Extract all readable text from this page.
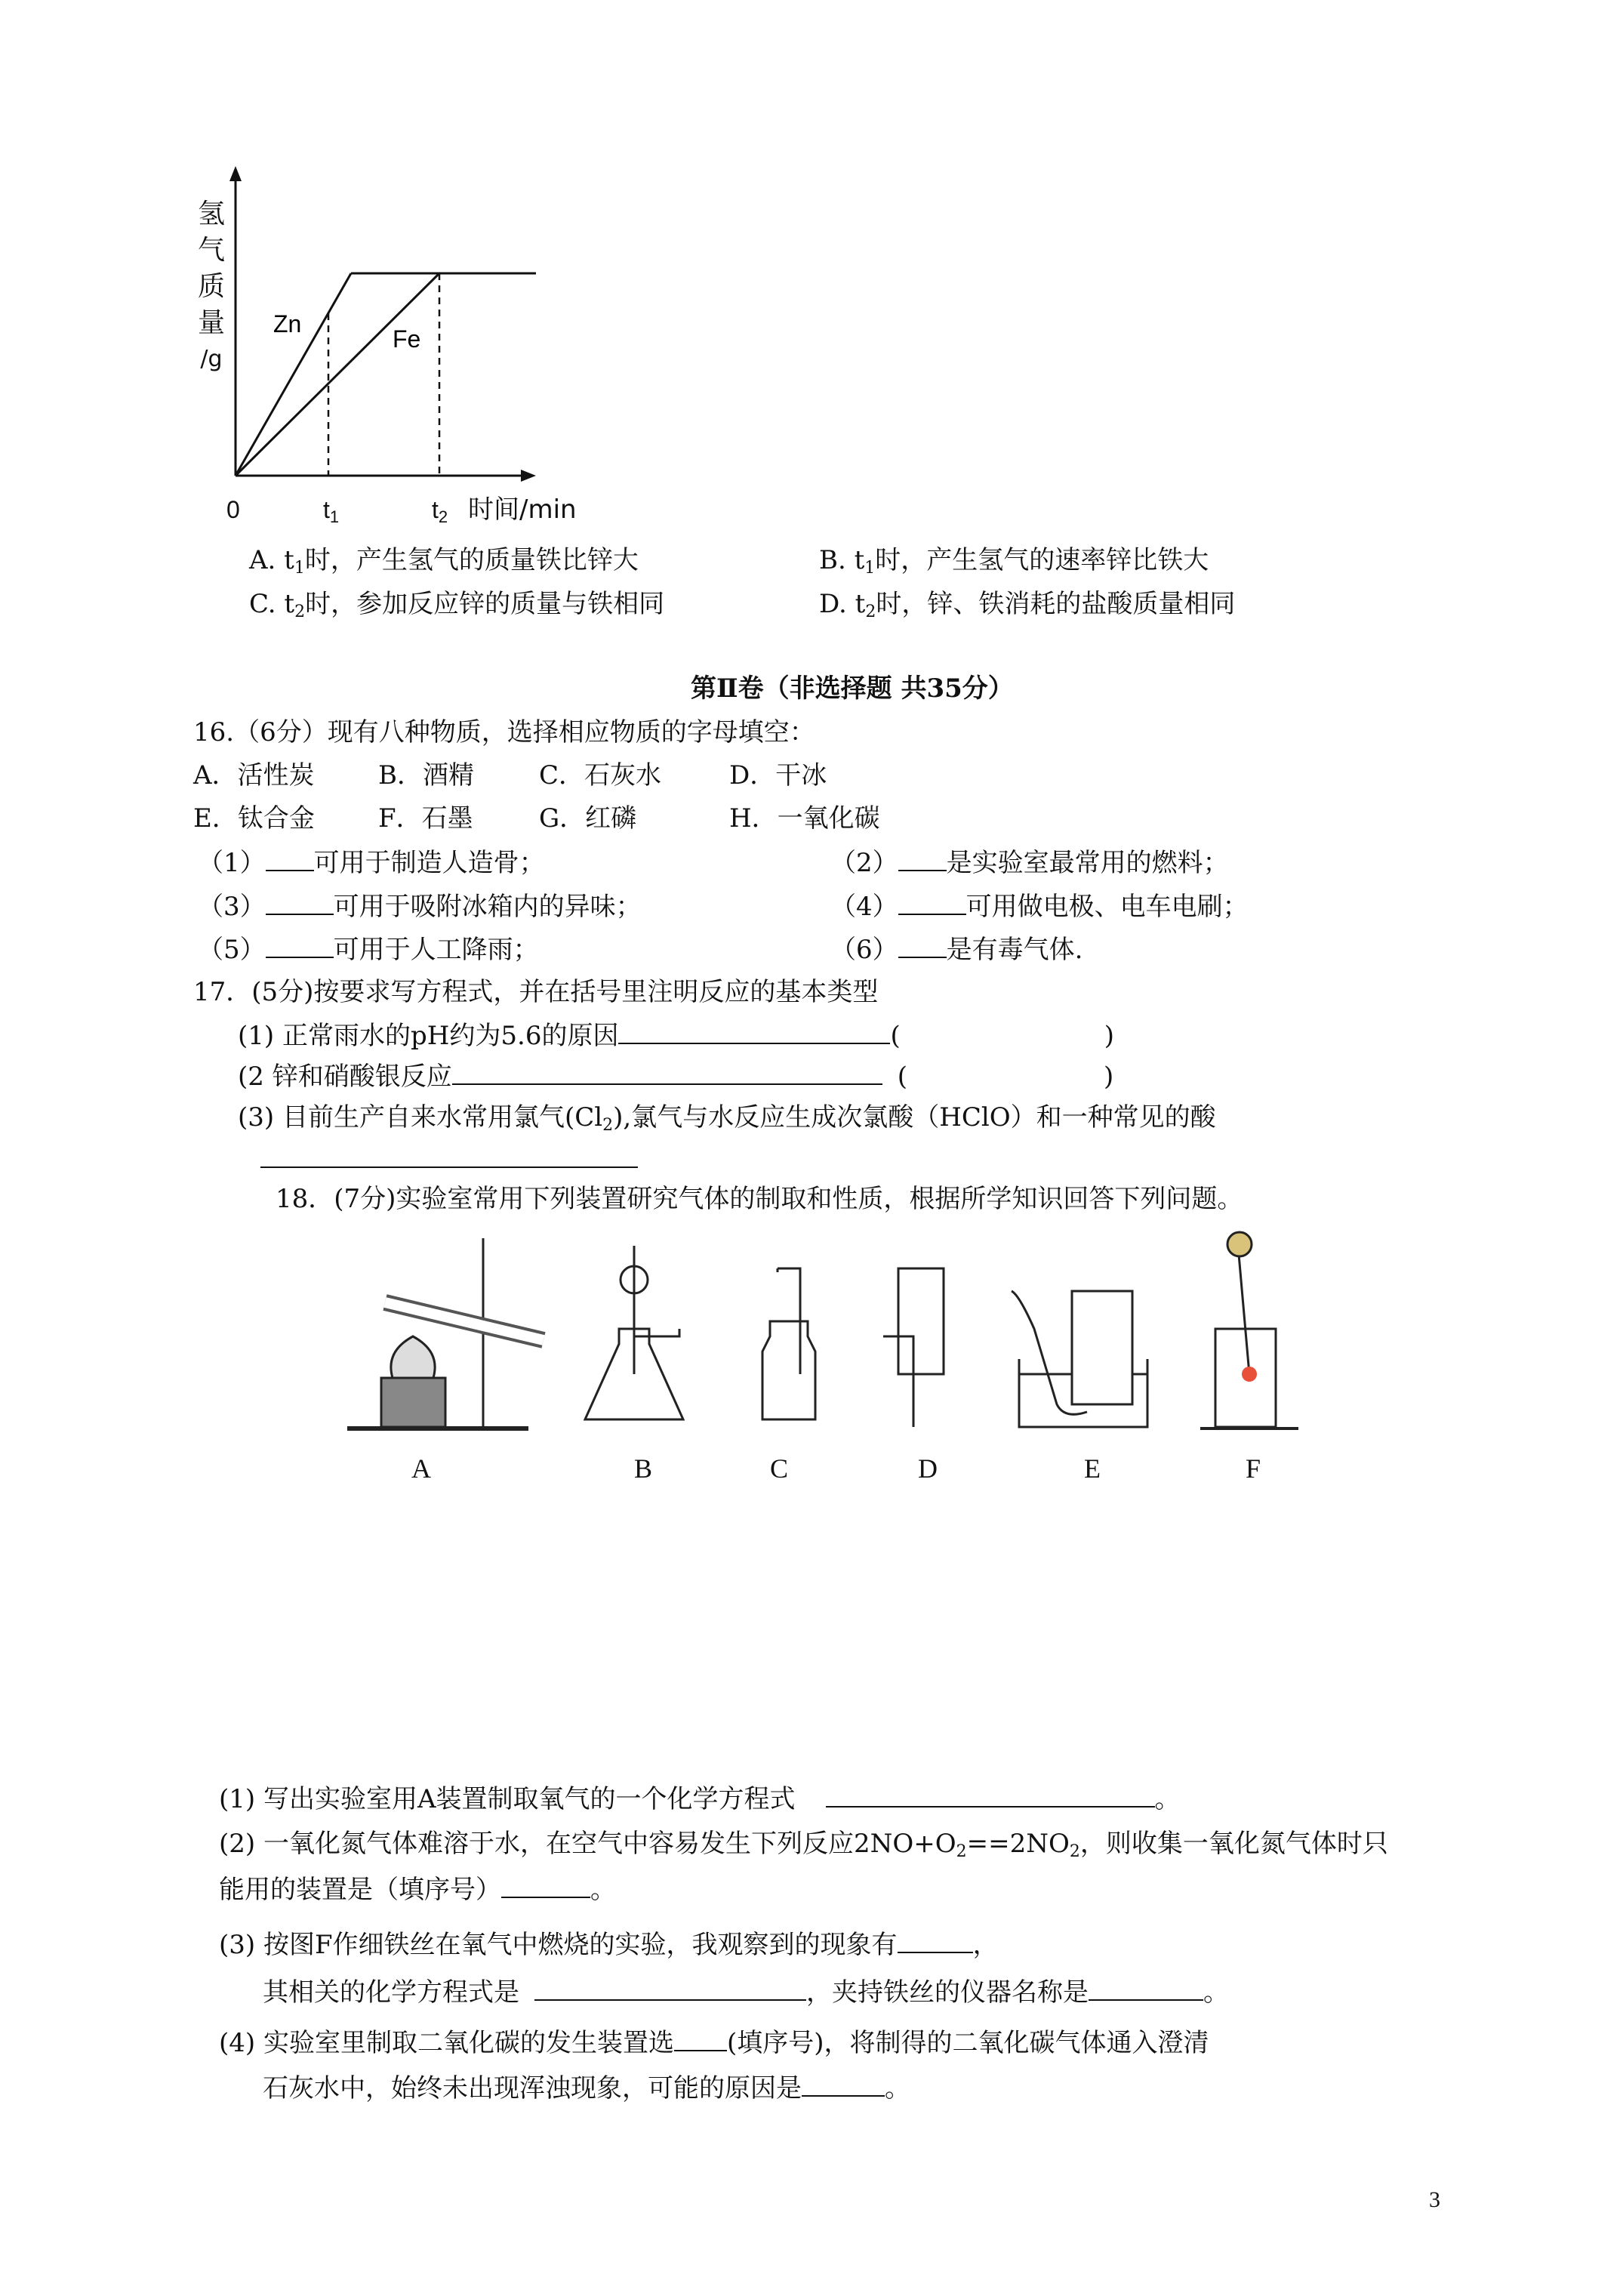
Zn
Fe
氢
气
质
量
/g
0	$t_1$	$t_2$ 时间/min
A. $t_1$时，产生氢气的质量铁比锌大	B. $t_1$时，产生氢气的速率锌比铁大
C. $t_2$时，参加反应锌的质量与铁相同	D. $t_2$时，锌、铁消耗的盐酸质量相同
第Ⅱ卷（非选择题 共35分）
16.（6分）现有八种物质，选择相应物质的字母填空：
A．活性炭 B．酒精	C．石灰水	D．干冰
E．钛合金 F．石墨	G．红磷	H．一氧化碳
（1） 可用于制造人造骨；	（2） 是实验室最常用的燃料；
（3）	可用于吸附冰箱内的异味；	（4）	可用做电极、电车电刷；
（5）	可用于人工降雨；	（6） 是有毒气体.
17．(5分)按要求写方程式，并在括号里注明反应的基本类型
(1) 正常雨水的pH约为5.6的原因	(	)
(2 锌和硝酸银反应	(	)
(3) 目前生产自来水常用氯气$(Cl_2)$,氯气与水反应生成次氯酸（HClO）和一种常见的酸
18．(7分)实验室常用下列装置研究气体的制取和性质，根据所学知识回答下列问题。
A	B	C	D	E	F
(1) 写出实验室用A装置制取氧气的一个化学方程式	。
(2) 一氧化氮气体难溶于水，在空气中容易发生下列反应$2NO+O_2==2NO_2$，则收集一氧化氮气体时只
能用的装置是（填序号）	。
(3) 按图F作细铁丝在氧气中燃烧的实验，我观察到的现象有	，
其相关的化学方程式是	，夹持铁丝的仪器名称是	。
(4) 实验室里制取二氧化碳的发生装置选 (填序号)，将制得的二氧化碳气体通入澄清
石灰水中，始终未出现浑浊现象，可能的原因是	。
3
